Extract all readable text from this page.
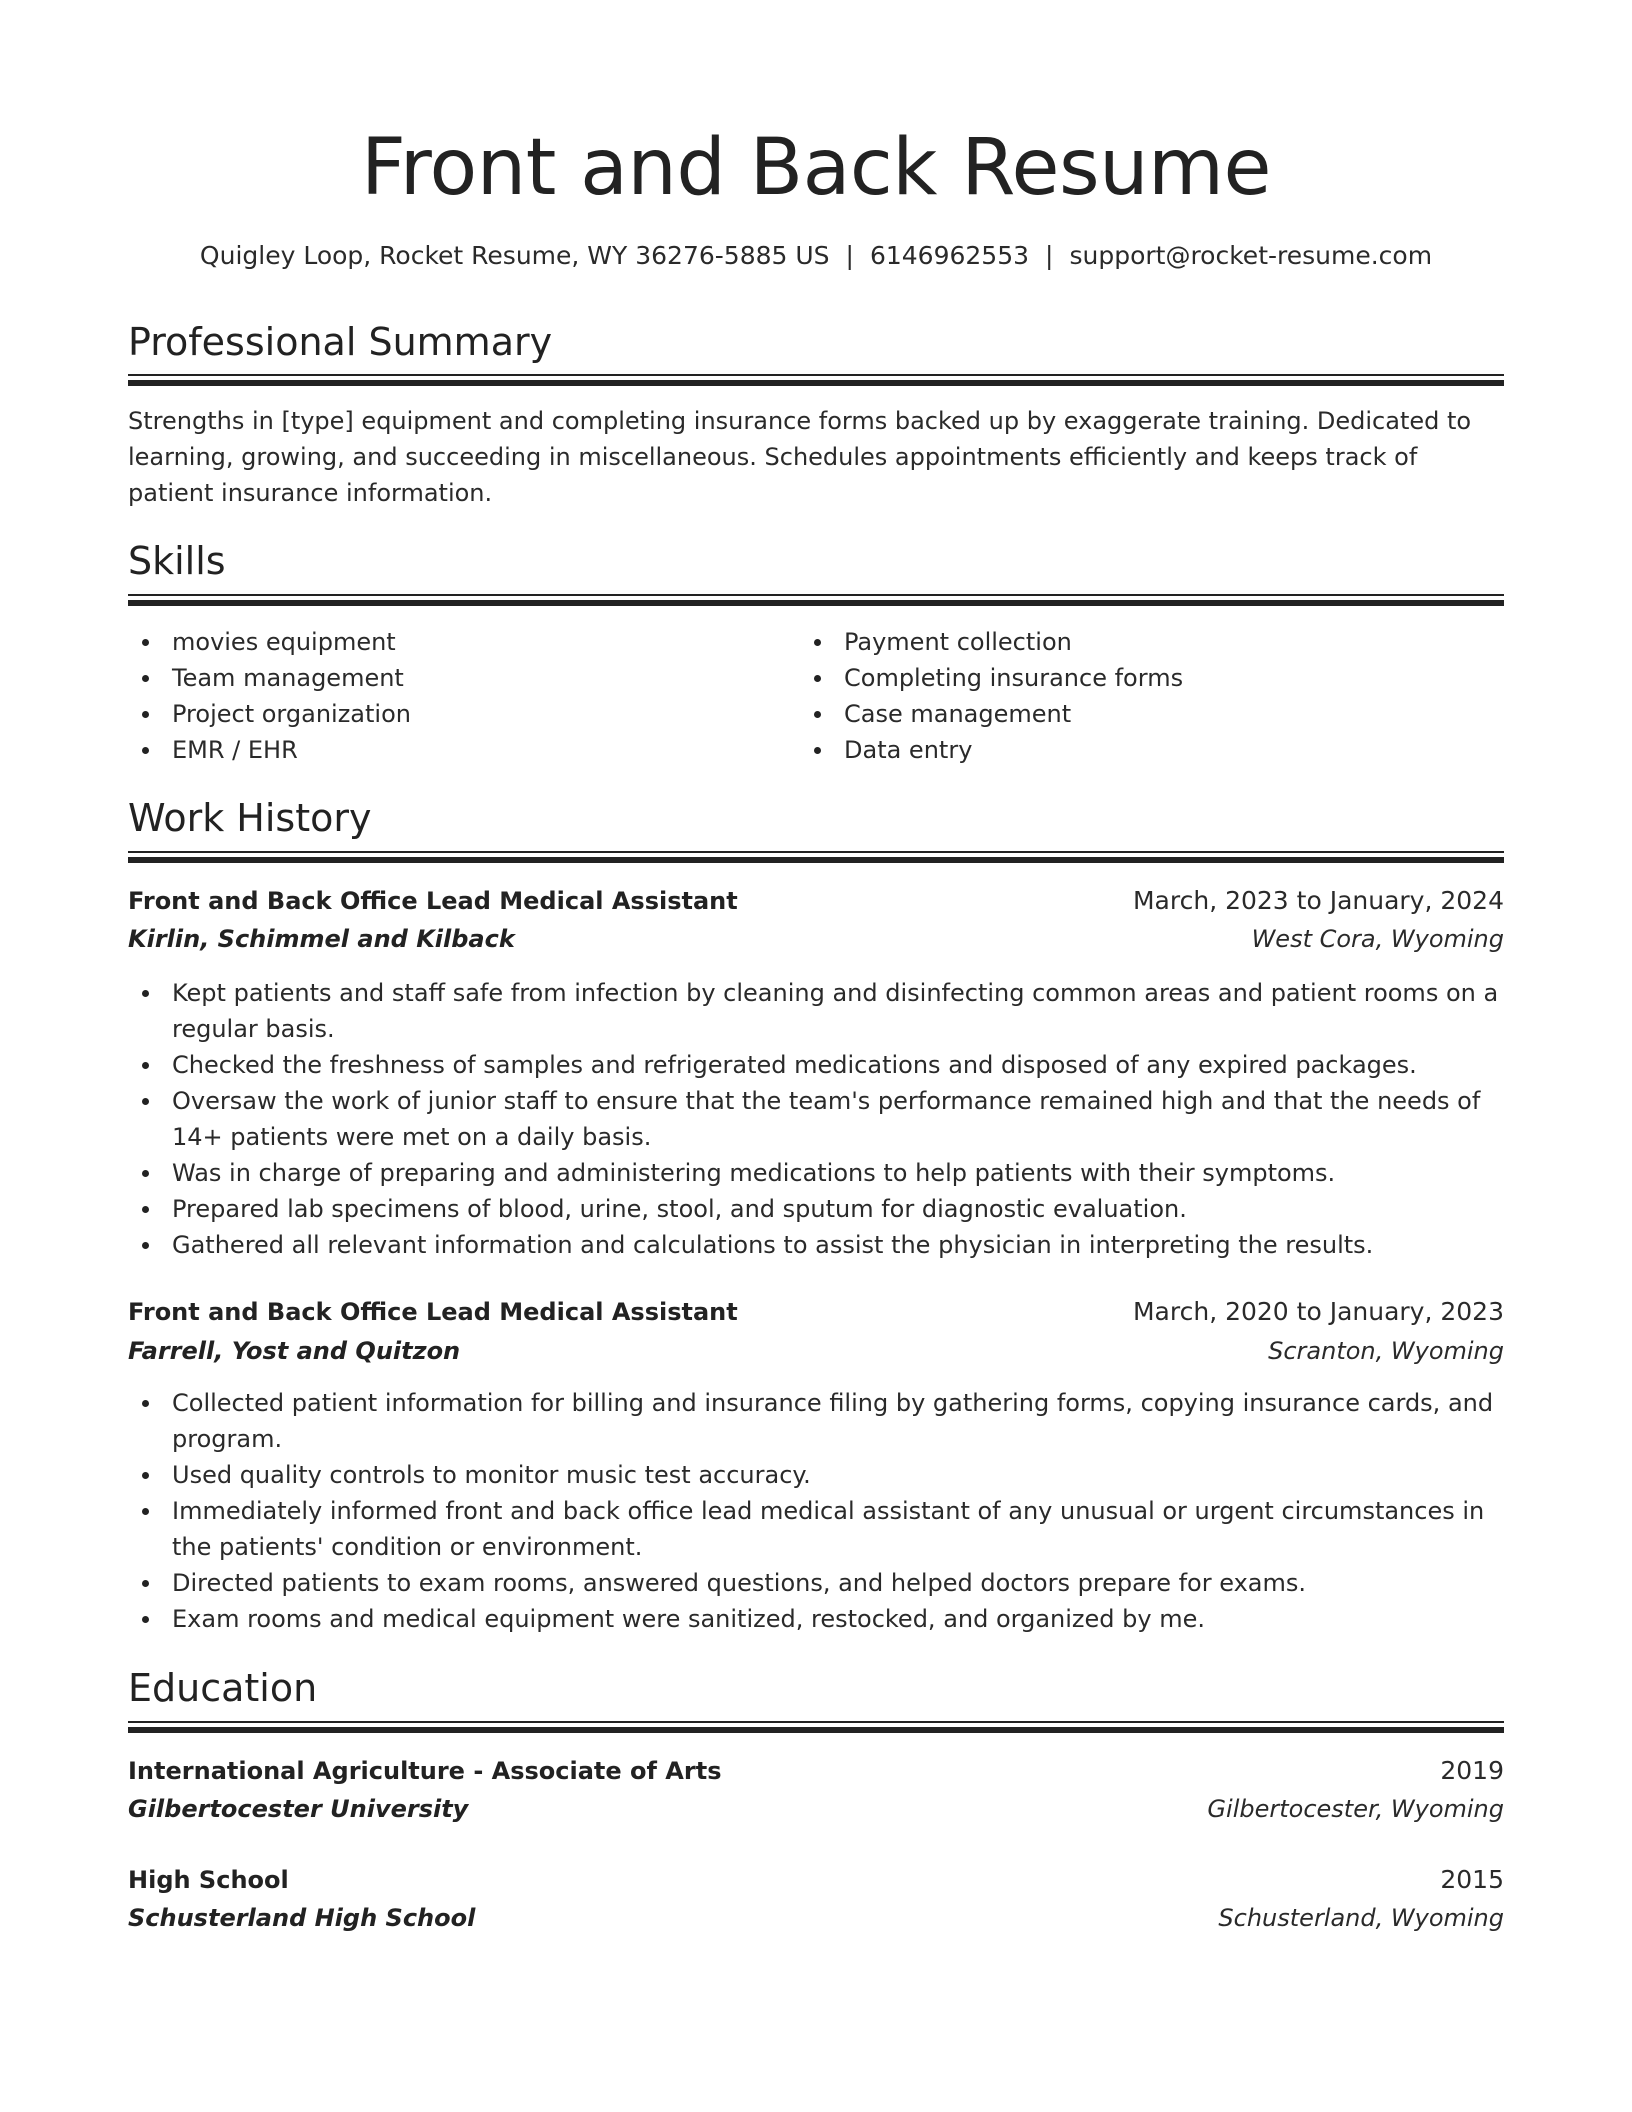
Front and Back Resume
Quigley Loop, Rocket Resume, WY 36276-5885 US | 6146962553 | support@rocket-resume.com
Professional Summary
Strengths in [type] equipment and completing insurance forms backed up by exaggerate training. Dedicated to learning, growing, and succeeding in miscellaneous. Schedules appointments efficiently and keeps track of patient insurance information.
Skills
movies equipment
Team management
Project organization
EMR / EHR
Payment collection
Completing insurance forms
Case management
Data entry
Work History
Front and Back Office Lead Medical Assistant	March, 2023 to January, 2024
Kirlin, Schimmel and Kilback	West Cora, Wyoming
Kept patients and staff safe from infection by cleaning and disinfecting common areas and patient rooms on a regular basis.
Checked the freshness of samples and refrigerated medications and disposed of any expired packages.
Oversaw the work of junior staff to ensure that the team's performance remained high and that the needs of 14+ patients were met on a daily basis.
Was in charge of preparing and administering medications to help patients with their symptoms.
Prepared lab specimens of blood, urine, stool, and sputum for diagnostic evaluation.
Gathered all relevant information and calculations to assist the physician in interpreting the results.
Front and Back Office Lead Medical Assistant	March, 2020 to January, 2023
Farrell, Yost and Quitzon	Scranton, Wyoming
Collected patient information for billing and insurance filing by gathering forms, copying insurance cards, and program.
Used quality controls to monitor music test accuracy.
Immediately informed front and back office lead medical assistant of any unusual or urgent circumstances in the patients' condition or environment.
Directed patients to exam rooms, answered questions, and helped doctors prepare for exams.
Exam rooms and medical equipment were sanitized, restocked, and organized by me.
Education
International Agriculture - Associate of Arts	2019
Gilbertocester University	Gilbertocester, Wyoming
High School	2015
Schusterland High School	Schusterland, Wyoming
